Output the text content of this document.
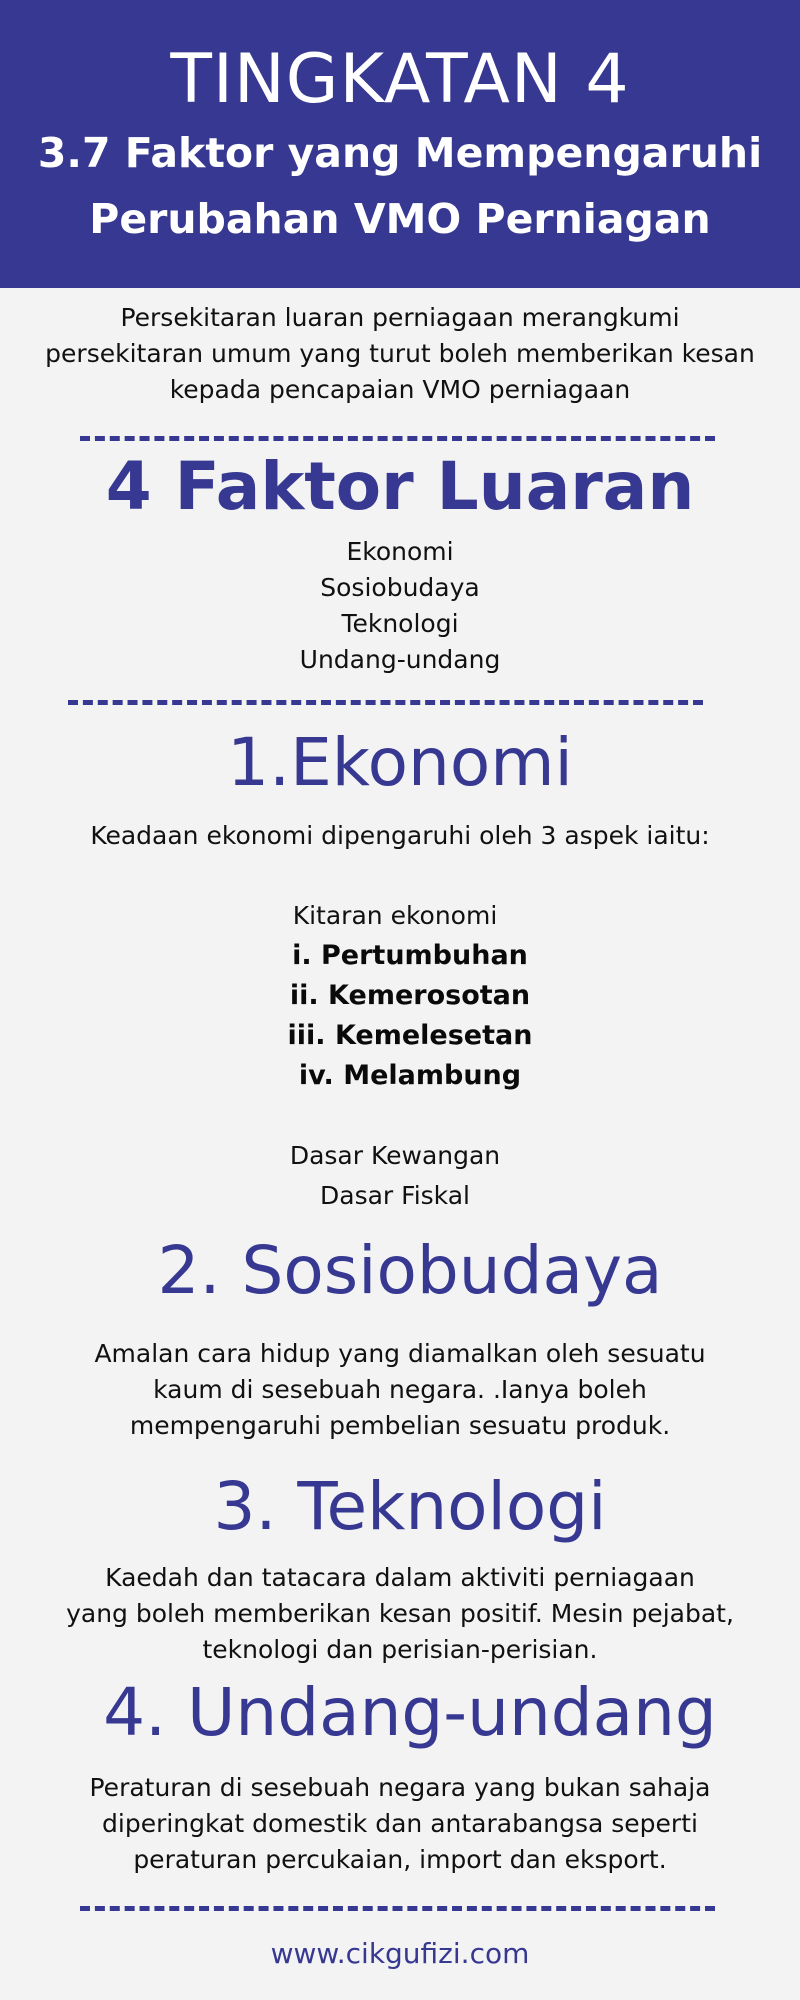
TINGKATAN 4
3.7 Faktor yang Mempengaruhi
Perubahan VMO Perniagan
Persekitaran luaran perniagaan merangkumi
persekitaran umum yang turut boleh memberikan kesan
kepada pencapaian VMO perniagaan
4 Faktor Luaran
Ekonomi
Sosiobudaya
Teknologi
Undang-undang
1.Ekonomi
Keadaan ekonomi dipengaruhi oleh 3 aspek iaitu:
Kitaran ekonomi
i. Pertumbuhan
ii. Kemerosotan
iii. Kemelesetan
iv. Melambung
Dasar Kewangan
Dasar Fiskal
2. Sosiobudaya
Amalan cara hidup yang diamalkan oleh sesuatu
kaum di sesebuah negara. .Ianya boleh
mempengaruhi pembelian sesuatu produk.
3. Teknologi
Kaedah dan tatacara dalam aktiviti perniagaan
yang boleh memberikan kesan positif. Mesin pejabat,
teknologi dan perisian-perisian.
4. Undang-undang
Peraturan di sesebuah negara yang bukan sahaja
diperingkat domestik dan antarabangsa seperti
peraturan percukaian, import dan eksport.
www.cikgufizi.com
